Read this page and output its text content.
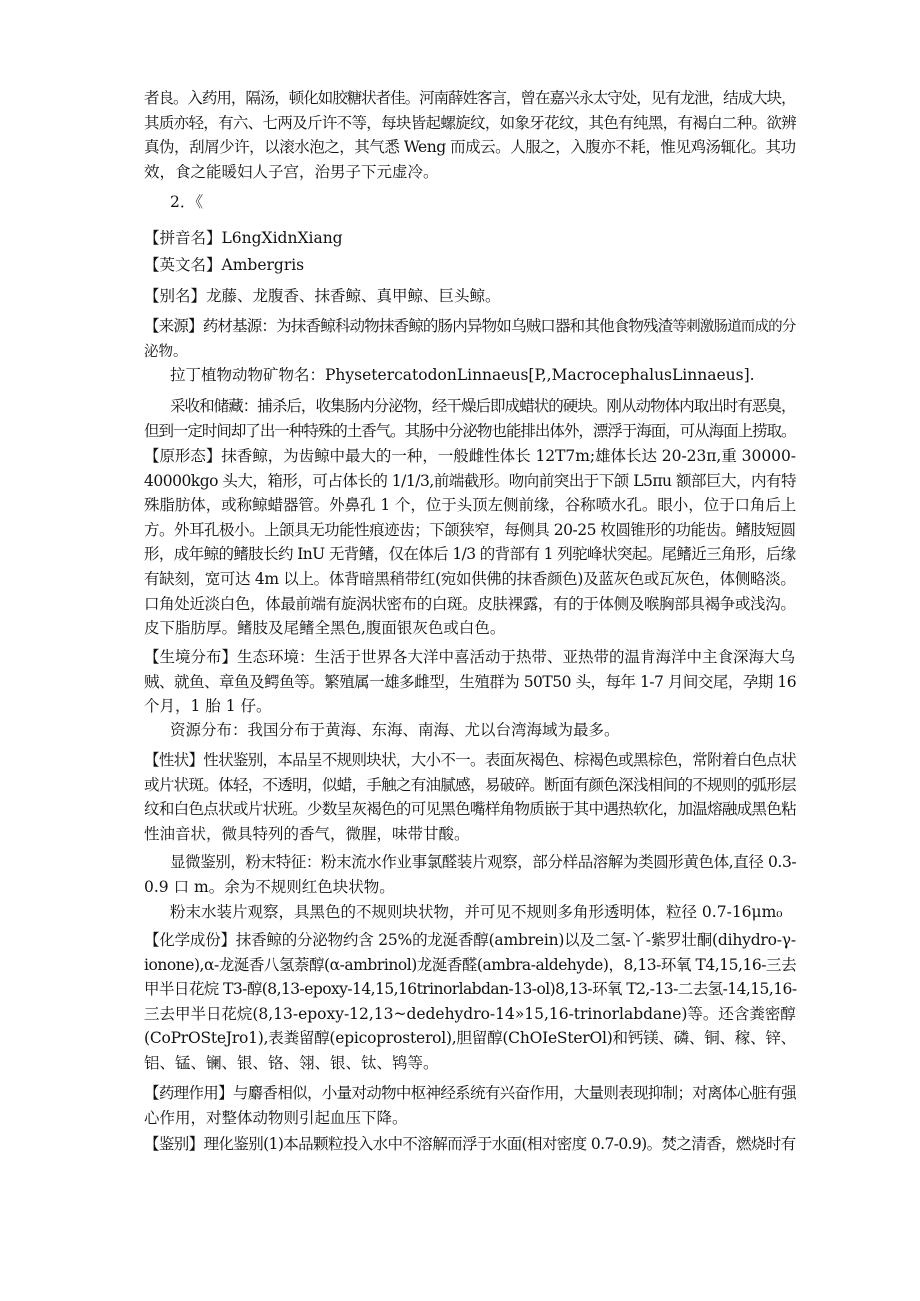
者良。入药用，隔汤，顿化如胶糖状者佳。河南薛姓客言，曾在嘉兴永太守处，见有龙泄，结成大块，
其质亦轻，有六、七两及斤许不等，每块皆起螺旋纹，如象牙花纹，其色有纯黑，有褐白二种。欲辨
真伪，刮屑少许，以滚水泡之，其气悉 Weng 而成云。人服之，入腹亦不耗，惟见鸡汤辄化。其功
效，食之能暖妇人子宫，治男子下元虚冷。
2．《
【拼音名】L6ngXidnXiang
【英文名】Ambergris
【别名】龙藤、龙腹香、抹香鲸、真甲鲸、巨头鲸。
【来源】药材基源：为抹香鲸科动物抹香鲸的肠内异物如乌贼口器和其他食物残渣等刺激肠道而成的分
泌物。
拉丁植物动物矿物名：PhysetercatodonLinnaeus[P,,MacrocephalusLinnaeus].
采收和储藏：捕杀后，收集肠内分泌物，经干燥后即成蜡状的硬块。刚从动物体内取出时有恶臭，
但到一定时间却了出一种特殊的土香气。其肠中分泌物也能排出体外，漂浮于海面，可从海面上捞取。
【原形态】抹香鲸，为齿鲸中最大的一种，一般雌性体长 12T7m;雄体长达 20-23π,重 30000-
40000kgo 头大，箱形，可占体长的 1/1/3,前端截形。吻向前突出于下颌 L5πu 额部巨大，内有特
殊脂肪体，或称鲸蜡器管。外鼻孔 1 个，位于头顶左侧前缘，谷称喷水孔。眼小，位于口角后上
方。外耳孔极小。上颌具无功能性痕迹齿；下颌狭窄，每侧具 20-25 枚圆锥形的功能齿。鳍肢短圆
形，成年鲸的鳍肢长约 InU 无背鳍，仅在体后 1/3 的背部有 1 列驼峰状突起。尾鳍近三角形，后缘
有缺刻，宽可达 4m 以上。体背暗黑稍带红(宛如供佛的抹香颜色)及蓝灰色或瓦灰色，体侧略淡。
口角处近淡白色，体最前端有旋涡状密布的白斑。皮肤裸露，有的于体侧及喉胸部具褐争或浅沟。
皮下脂肪厚。鳍肢及尾鳍全黑色,腹面银灰色或白色。
【生境分布】生态环境：生活于世界各大洋中喜活动于热带、亚热带的温肯海洋中主食深海大乌
贼、就鱼、章鱼及鳄鱼等。繁殖属一雄多雌型，生殖群为 50T50 头，每年 1-7 月间交尾，孕期 16
个月，1 胎 1 仔。
资源分布：我国分布于黄海、东海、南海、尤以台湾海域为最多。
【性状】性状鉴别，本品呈不规则块状，大小不一。表面灰褐色、棕褐色或黑棕色，常附着白色点状
或片状斑。体轻，不透明，似蜡，手触之有油腻感，易破碎。断面有颜色深浅相间的不规则的弧形层
纹和白色点状或片状班。少数呈灰褐色的可见黑色嘴样角物质嵌于其中遇热软化，加温熔融成黑色粘
性油音状，微具特列的香气，微腥，味带甘酸。
显微鉴别，粉末特征：粉末流水作业事氯醛装片观察，部分样品溶解为类圆形黄色体,直径 0.3-
0.9 口 m。余为不规则红色块状物。
粉末水装片观察，具黑色的不规则块状物，并可见不规则多角形透明体，粒径 0.7-16μm₀
【化学成份】抹香鲸的分泌物约含 25%的龙涎香醇(ambrein)以及二氢-丫-紫罗壮酮(dihydro-γ-
ionone),α-龙涎香八氢萘醇(α-ambrinol)龙涎香醛(ambra-aldehyde)，8,13-环氧 T4,15,16-三去
甲半日花烷 T3-醇(8,13-epoxy-14,15,16trinorlabdan-13-ol)8,13-环氧 T2,-13-二去氢-14,15,16-
三去甲半日花烷(8,13-epoxy-12,13~dedehydro-14»15,16-trinorlabdane)等。还含粪密醇
(CoPrOSteJro1),表粪留醇(epicoprosterol),胆留醇(ChOIeSterOl)和钙镁、磷、铜、稼、锌、
铝、锰、镧、银、铬、翎、银、钛、鸨等。
【药理作用】与麝香相似，小量对动物中枢神经系统有兴奋作用，大量则表现抑制；对离体心脏有强
心作用，对整体动物则引起血压下降。
【鉴别】理化鉴别(1)本品颗粒投入水中不溶解而浮于水面(相对密度 0.7-0.9)。焚之清香，燃烧时有
